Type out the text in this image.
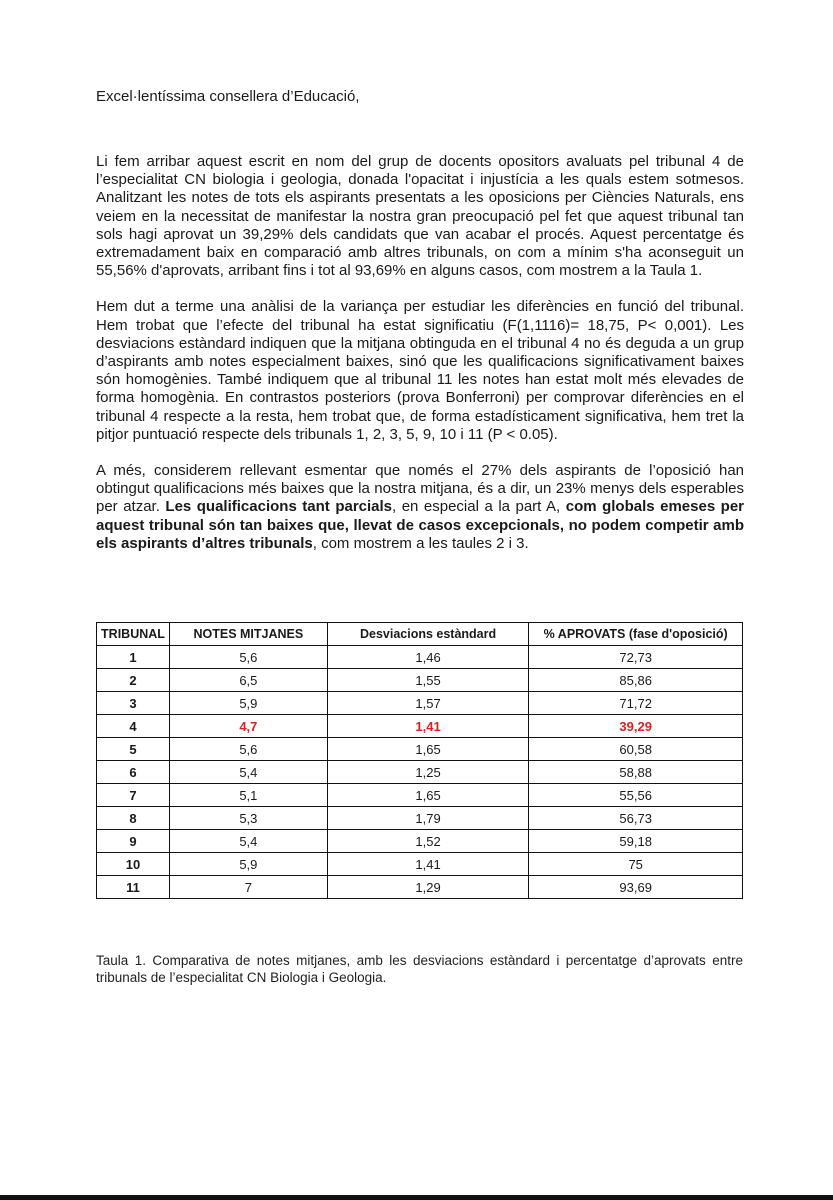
Excel·lentíssima consellera d’Educació,

Li fem arribar aquest escrit en nom del grup de docents opositors avaluats pel tribunal 4 de l’especialitat CN biologia i geologia, donada l'opacitat i injustícia a les quals estem sotmesos. Analitzant les notes de tots els aspirants presentats a les oposicions per Ciències Naturals, ens veiem en la necessitat de manifestar la nostra gran preocupació pel fet que aquest tribunal tan sols hagi aprovat un 39,29% dels candidats que van acabar el procés. Aquest percentatge és extremadament baix en comparació amb altres tribunals, on com a mínim s'ha aconseguit un 55,56% d'aprovats, arribant fins i tot al 93,69% en alguns casos, com mostrem a la Taula 1.

Hem dut a terme una anàlisi de la variança per estudiar les diferències en funció del tribunal. Hem trobat que l’efecte del tribunal ha estat significatiu (F(1,1116)= 18,75, P< 0,001). Les desviacions estàndard indiquen que la mitjana obtinguda en el tribunal 4 no és deguda a un grup d’aspirants amb notes especialment baixes, sinó que les qualificacions significativament baixes són homogènies. També indiquem que al tribunal 11 les notes han estat molt més elevades de forma homogènia. En contrastos posteriors (prova Bonferroni) per comprovar diferències en el tribunal 4 respecte a la resta, hem trobat que, de forma estadísticament significativa, hem tret la pitjor puntuació respecte dels tribunals 1, 2, 3, 5, 9, 10 i 11 (P < 0.05).

A més, considerem rellevant esmentar que només el 27% dels aspirants de l’oposició han obtingut qualificacions més baixes que la nostra mitjana, és a dir, un 23% menys dels esperables per atzar. Les qualificacions tant parcials, en especial a la part A, com globals emeses per aquest tribunal són tan baixes que, llevat de casos excepcionals, no podem competir amb els aspirants d’altres tribunals, com mostrem a les taules 2 i 3.

TRIBUNAL	NOTES MITJANES	Desviacions estàndard	% APROVATS (fase d'oposició)
1	5,6	1,46	72,73
2	6,5	1,55	85,86
3	5,9	1,57	71,72
4	4,7	1,41	39,29
5	5,6	1,65	60,58
6	5,4	1,25	58,88
7	5,1	1,65	55,56
8	5,3	1,79	56,73
9	5,4	1,52	59,18
10	5,9	1,41	75
11	7	1,29	93,69

Taula 1. Comparativa de notes mitjanes, amb les desviacions estàndard i percentatge d’aprovats entre tribunals de l’especialitat CN Biologia i Geologia.
